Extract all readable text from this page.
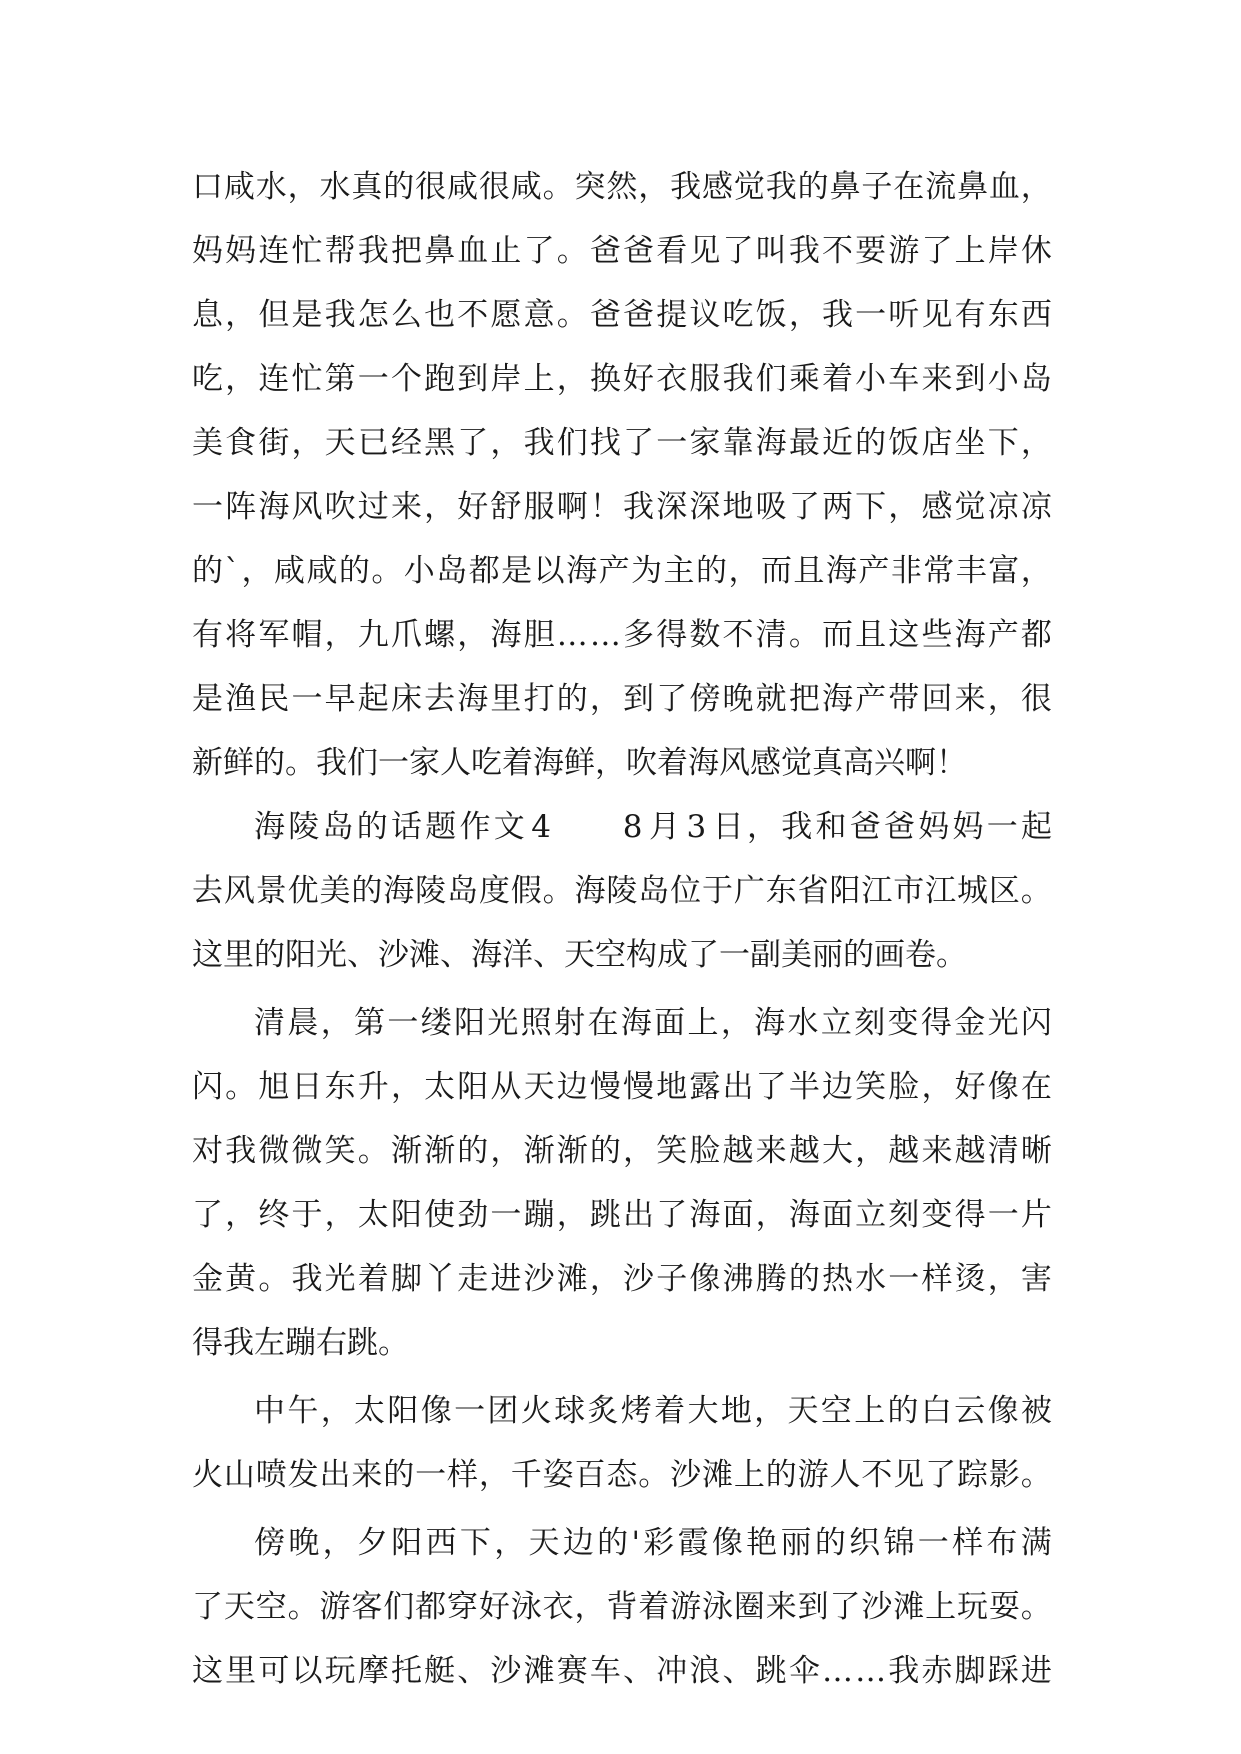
口 咸 水 ， 水 真 的 很 咸 很 咸 。 突 然 ， 我 感 觉 我 的 鼻 子 在 流 鼻 血 ，
妈 妈 连 忙 帮 我 把 鼻 血 止 了 。 爸 爸 看 见 了 叫 我 不 要 游 了 上 岸 休
息 ， 但 是 我 怎 么 也 不 愿 意 。 爸 爸 提 议 吃 饭 ， 我 一 听 见 有 东 西
吃 ， 连 忙 第 一 个 跑 到 岸 上 ， 换 好 衣 服 我 们 乘 着 小 车 来 到 小 岛
美 食 街 ， 天 已 经 黑 了 ， 我 们 找 了 一 家 靠 海 最 近 的 饭 店 坐 下 ，
一 阵 海 风 吹 过 来 ， 好 舒 服 啊 ！ 我 深 深 地 吸 了 两 下 ， 感 觉 凉 凉
的 ` ， 咸 咸 的 。 小 岛 都 是 以 海 产 为 主 的 ， 而 且 海 产 非 常 丰 富 ，
有 将 军 帽 ， 九 爪 螺 ， 海 胆 … … 多 得 数 不 清 。 而 且 这 些 海 产 都
是 渔 民 一 早 起 床 去 海 里 打 的 ， 到 了 傍 晚 就 把 海 产 带 回 来 ， 很
新鲜的。我们一家人吃着海鲜，吹着海风感觉真高兴啊！
海 陵 岛 的 话 题 作 文 4

　 8 月 3 日 ， 我 和 爸 爸 妈 妈 一 起
去 风 景 优 美 的 海 陵 岛 度 假 。 海 陵 岛 位 于 广 东 省 阳 江 市 江 城 区 。
这里的阳光、沙滩、海洋、天空构成了一副美丽的画卷。
清 晨 ， 第 一 缕 阳 光 照 射 在 海 面 上 ， 海 水 立 刻 变 得 金 光 闪
闪 。 旭 日 东 升 ， 太 阳 从 天 边 慢 慢 地 露 出 了 半 边 笑 脸 ， 好 像 在
对 我 微 微 笑 。 渐 渐 的 ， 渐 渐 的 ， 笑 脸 越 来 越 大 ， 越 来 越 清 晰
了 ， 终 于 ， 太 阳 使 劲 一 蹦 ， 跳 出 了 海 面 ， 海 面 立 刻 变 得 一 片
金 黄 。 我 光 着 脚 丫 走 进 沙 滩 ， 沙 子 像 沸 腾 的 热 水 一 样 烫 ， 害
得我左蹦右跳。
中 午 ， 太 阳 像 一 团 火 球 炙 烤 着 大 地 ， 天 空 上 的 白 云 像 被
火 山 喷 发 出 来 的 一 样 ， 千 姿 百 态 。 沙 滩 上 的 游 人 不 见 了 踪 影 。
傍 晚 ， 夕 阳 西 下 ， 天 边 的 ' 彩 霞 像 艳 丽 的 织 锦 一 样 布 满
了 天 空 。 游 客 们 都 穿 好 泳 衣 ， 背 着 游 泳 圈 来 到 了 沙 滩 上 玩 耍 。
这 里 可 以 玩 摩 托 艇 、 沙 滩 赛 车 、 冲 浪 、 跳 伞 … … 我 赤 脚 踩 进
